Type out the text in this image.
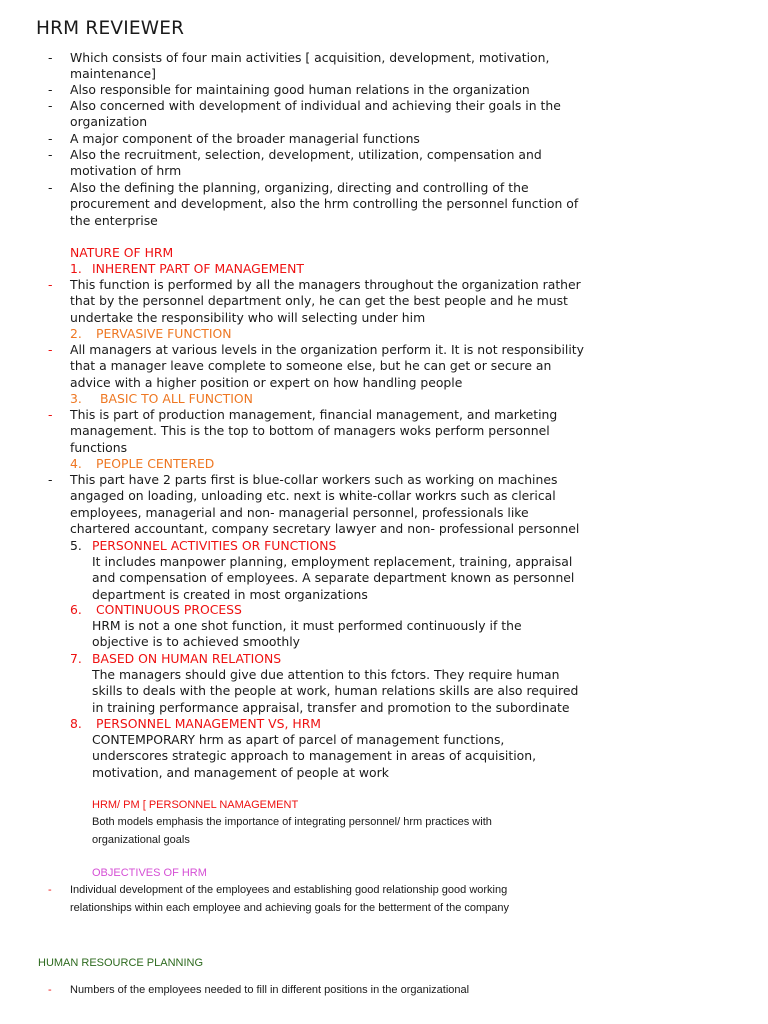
HRM REVIEWER
- Which consists of four main activities [ acquisition, development, motivation, maintenance]
- Also responsible for maintaining good human relations in the organization
- Also concerned with development of individual and achieving their goals in the organization
- A major component of the broader managerial functions
- Also the recruitment, selection, development, utilization, compensation and motivation of hrm
- Also the defining the planning, organizing, directing and controlling of the procurement and development, also the hrm controlling the personnel function of the enterprise
NATURE OF HRM
1. INHERENT PART OF MANAGEMENT
- This function is performed by all the managers throughout the organization rather that by the personnel department only, he can get the best people and he must undertake the responsibility who will selecting under him
2. PERVASIVE FUNCTION
- All managers at various levels in the organization perform it. It is not responsibility that a manager leave complete to someone else, but he can get or secure an advice with a higher position or expert on how handling people
3. BASIC TO ALL FUNCTION
- This is part of production management, financial management, and marketing management. This is the top to bottom of managers woks perform personnel functions
4. PEOPLE CENTERED
- This part have 2 parts first is blue-collar workers such as working on machines angaged on loading, unloading etc. next is white-collar workrs such as clerical employees, managerial and non- managerial personnel, professionals like chartered accountant, company secretary lawyer and non- professional personnel
5. PERSONNEL ACTIVITIES OR FUNCTIONS
It includes manpower planning, employment replacement, training, appraisal and compensation of employees. A separate department known as personnel department is created in most organizations
6. CONTINUOUS PROCESS
HRM is not a one shot function, it must performed continuously if the objective is to achieved smoothly
7. BASED ON HUMAN RELATIONS
The managers should give due attention to this fctors. They require human skills to deals with the people at work, human relations skills are also required in training performance appraisal, transfer and promotion to the subordinate
8. PERSONNEL MANAGEMENT VS, HRM
CONTEMPORARY hrm as apart of parcel of management functions, underscores strategic approach to management in areas of acquisition, motivation, and management of people at work
HRM/ PM [ PERSONNEL NAMAGEMENT
Both models emphasis the importance of integrating personnel/ hrm practices with organizational goals
OBJECTIVES OF HRM
- Individual development of the employees and establishing good relationship good working relationships within each employee and achieving goals for the betterment of the company
HUMAN RESOURCE PLANNING
- Numbers of the employees needed to fill in different positions in the organizational
